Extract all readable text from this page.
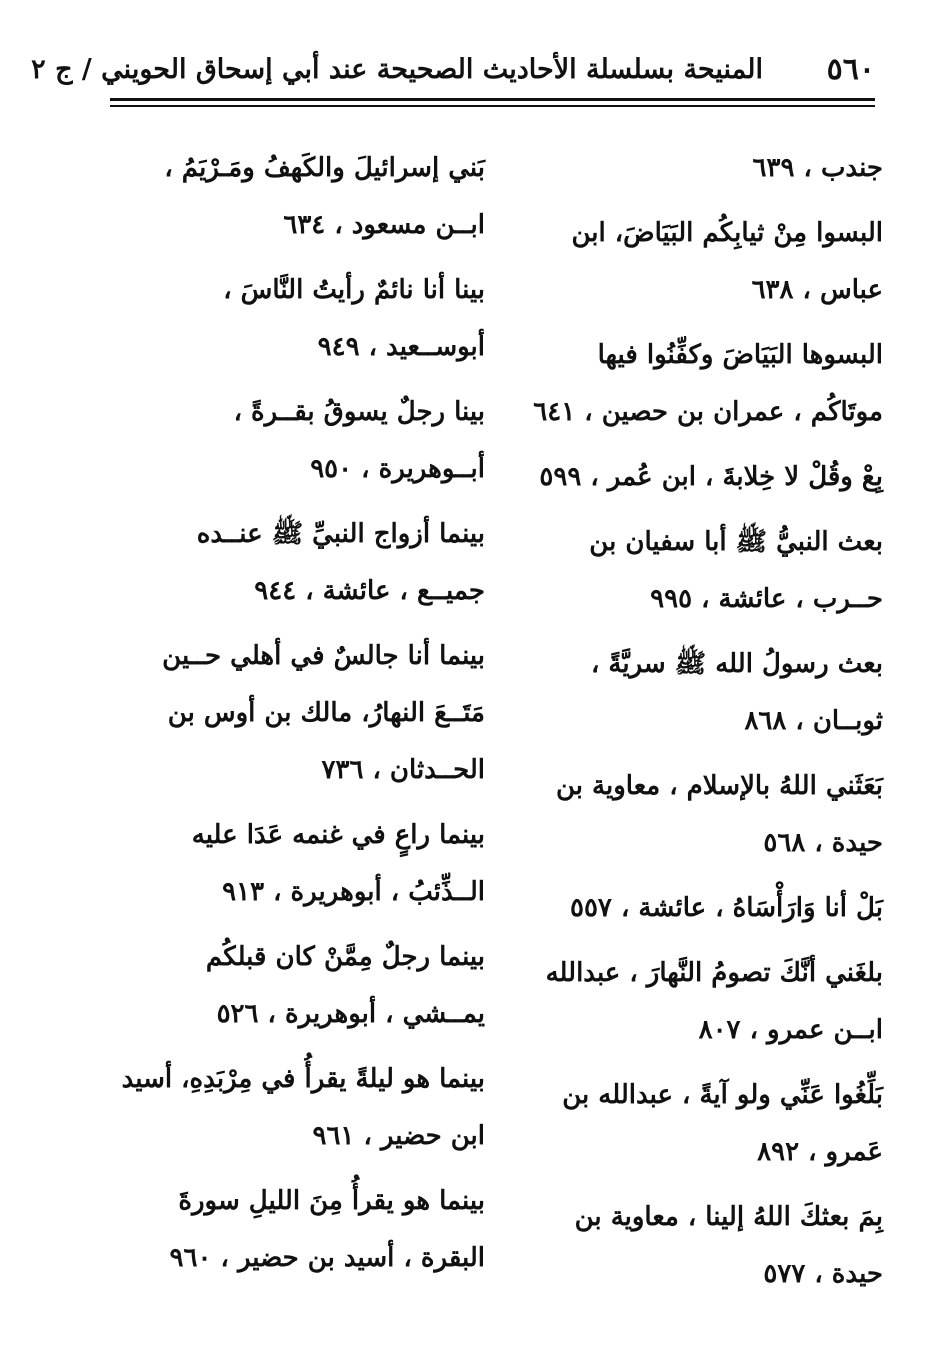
٥٦٠
المنيحة بسلسلة الأحاديث الصحيحة عند أبي إسحاق الحويني / ج ٢

جندب ، ٦٣٩

البسوا مِنْ ثيابِكُم البَيَاضَ، ابن عباس ، ٦٣٨

البسوها البَيَاضَ وكفِّنُوا فيها موتَاكُم ، عمران بن حصين ، ٦٤١

بِعْ وقُلْ لا خِلابةَ ، ابن عُمر ، ٥٩٩

بعث النبيُّ ﷺ أبا سفيان بن حــرب ، عائشة ، ٩٩٥

بعث رسولُ الله ﷺ سريَّةً ، ثوبــان ، ٨٦٨

بَعَثَني اللهُ بالإسلام ، معاوية بن حيدة ، ٥٦٨

بَلْ أنا وَارَأْسَاهُ ، عائشة ، ٥٥٧

بلغَني أنَّكَ تصومُ النَّهارَ ، عبدالله ابــن عمرو ، ٨٠٧

بَلِّغُوا عَنِّي ولو آيةً ، عبدالله بن عَمرو ، ٨٩٢

بِمَ بعثكَ اللهُ إلينا ، معاوية بن حيدة ، ٥٧٧

بَني إسرائيلَ والكَهفُ ومَـرْيَمُ ، ابــن مسعود ، ٦٣٤

بينا أنا نائمٌ رأيتُ النَّاسَ ، أبوســعيد ، ٩٤٩

بينا رجلٌ يسوقُ بقــرةً ، أبــوهريرة ، ٩٥٠

بينما أزواج النبيِّ ﷺ عنــده جميــع ، عائشة ، ٩٤٤

بينما أنا جالسٌ في أهلي حــين مَتَــعَ النهارُ، مالك بن أوس بن الحــدثان ، ٧٣٦

بينما راعٍ في غنمه عَدَا عليه الــذِّئبُ ، أبوهريرة ، ٩١٣

بينما رجلٌ مِمَّنْ كان قبلكُم يمــشي ، أبوهريرة ، ٥٢٦

بينما هو ليلةً يقرأُ في مِرْبَدِهِ، أسيد ابن حضير ، ٩٦١

بينما هو يقرأُ مِنَ الليلِ سورةَ البقرة ، أسيد بن حضير ، ٩٦٠
